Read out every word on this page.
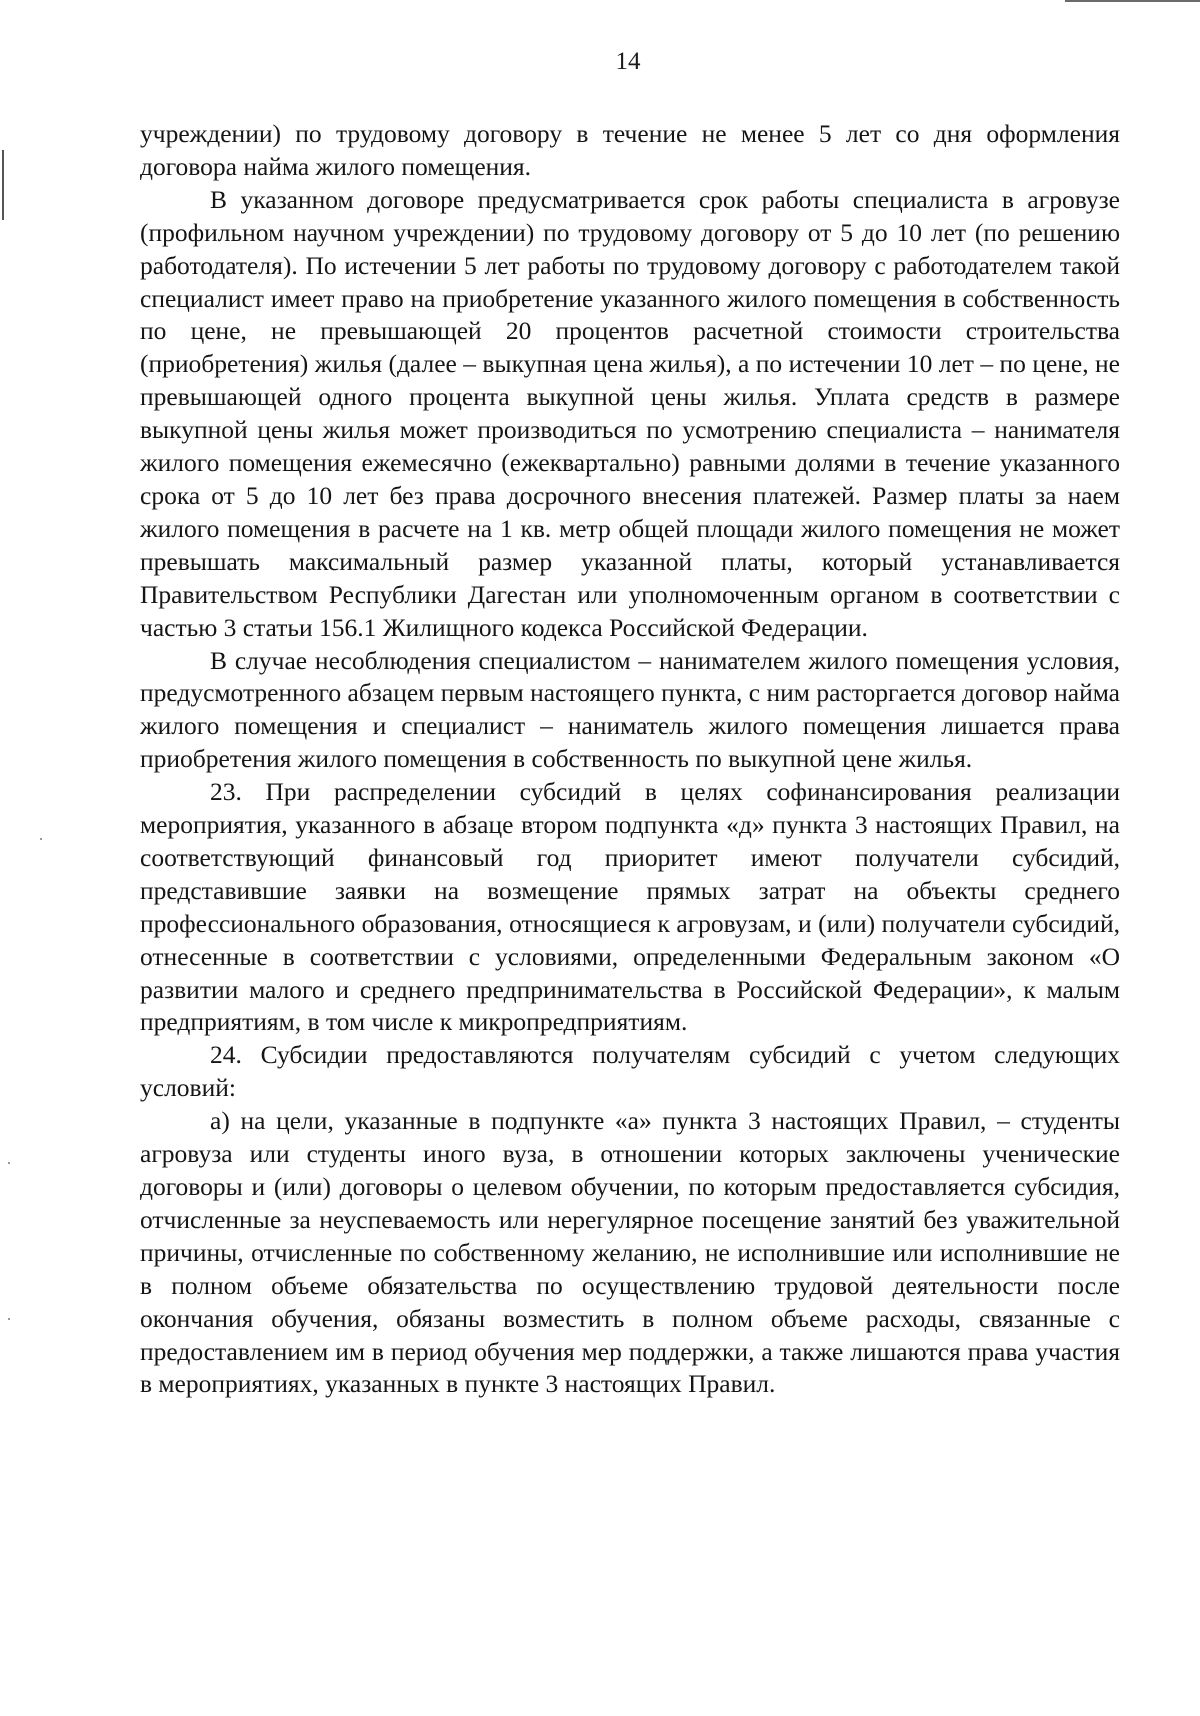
14

учреждении) по трудовому договору в течение не менее 5 лет со дня оформления договора найма жилого помещения.

В указанном договоре предусматривается срок работы специалиста в агровузе (профильном научном учреждении) по трудовому договору от 5 до 10 лет (по решению работодателя). По истечении 5 лет работы по трудовому договору с работодателем такой специалист имеет право на приобретение указанного жилого помещения в собственность по цене, не превышающей 20 процентов расчетной стоимости строительства (приобретения) жилья (далее – выкупная цена жилья), а по истечении 10 лет – по цене, не превышающей одного процента выкупной цены жилья. Уплата средств в размере выкупной цены жилья может производиться по усмотрению специалиста – нанимателя жилого помещения ежемесячно (ежеквартально) равными долями в течение указанного срока от 5 до 10 лет без права досрочного внесения платежей. Размер платы за наем жилого помещения в расчете на 1 кв. метр общей площади жилого помещения не может превышать максимальный размер указанной платы, который устанавливается Правительством Республики Дагестан или уполномоченным органом в соответствии с частью 3 статьи 156.1 Жилищного кодекса Российской Федерации.

В случае несоблюдения специалистом – нанимателем жилого помещения условия, предусмотренного абзацем первым настоящего пункта, с ним расторгается договор найма жилого помещения и специалист – наниматель жилого помещения лишается права приобретения жилого помещения в собственность по выкупной цене жилья.

23. При распределении субсидий в целях софинансирования реализации мероприятия, указанного в абзаце втором подпункта «д» пункта 3 настоящих Правил, на соответствующий финансовый год приоритет имеют получатели субсидий, представившие заявки на возмещение прямых затрат на объекты среднего профессионального образования, относящиеся к агровузам, и (или) получатели субсидий, отнесенные в соответствии с условиями, определенными Федеральным законом «О развитии малого и среднего предпринимательства в Российской Федерации», к малым предприятиям, в том числе к микропредприятиям.

24. Субсидии предоставляются получателям субсидий с учетом следующих условий:

а) на цели, указанные в подпункте «а» пункта 3 настоящих Правил, – студенты агровуза или студенты иного вуза, в отношении которых заключены ученические договоры и (или) договоры о целевом обучении, по которым предоставляется субсидия, отчисленные за неуспеваемость или нерегулярное посещение занятий без уважительной причины, отчисленные по собственному желанию, не исполнившие или исполнившие не в полном объеме обязательства по осуществлению трудовой деятельности после окончания обучения, обязаны возместить в полном объеме расходы, связанные с предоставлением им в период обучения мер поддержки, а также лишаются права участия в мероприятиях, указанных в пункте 3 настоящих Правил.
